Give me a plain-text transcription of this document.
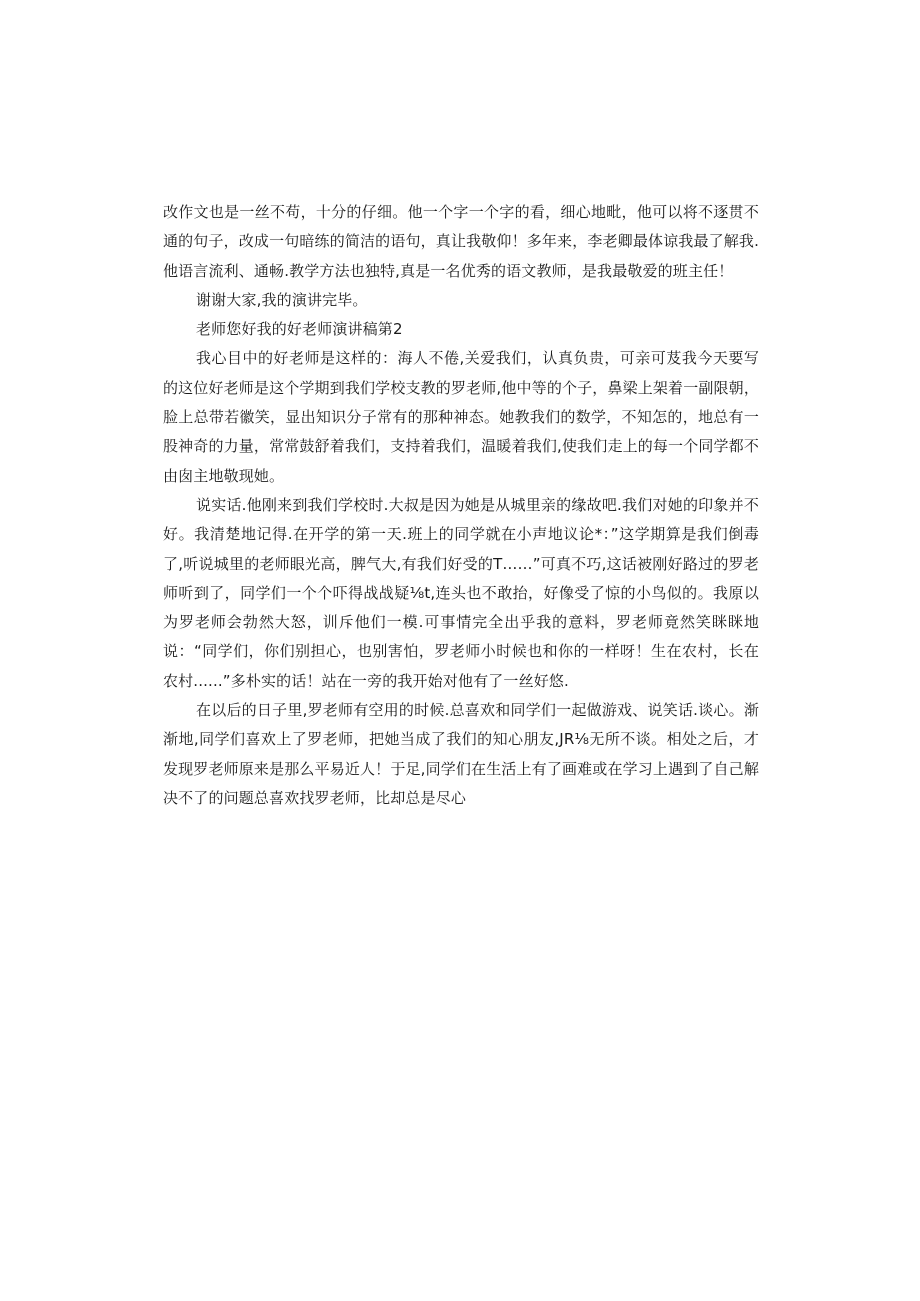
改作文也是一丝不苟，十分的仔细。他一个字一个字的看，细心地毗，他可以将不逐贯不通的句子，改成一句暗练的简洁的语句，真让我敬仰！多年来，李老卿最体谅我最了解我.他语言流利、通畅.教学方法也独特,真是一名优秀的语文教师，是我最敬爱的班主任！

谢谢大家,我的演讲完毕。

老师您好我的好老师演讲稿第2

我心目中的好老师是这样的：海人不倦,关爱我们，认真负贵，可亲可芨我今天要写的这位好老师是这个学期到我们学校支教的罗老师,他中等的个子，鼻梁上架着一副限朝，脸上总带若徽笑，显出知识分子常有的那种神态。她教我们的数学，不知怎的，地总有一股神奇的力量，常常鼓舒着我们，支持着我们，温暖着我们,使我们走上的每一个同学都不由囱主地敬现她。

说实话.他刚来到我们学校时.大叔是因为她是从城里亲的缘故吧.我们对她的印象并不好。我清楚地记得.在开学的第一天.班上的同学就在小声地议论*：”这学期算是我们倒毒了,听说城里的老师眼光高，脾气大,有我们好受的T……”可真不巧,这话被刚好路过的罗老师听到了，同学们一个个吓得战战疑⅛t,连头也不敢抬，好像受了惊的小鸟似的。我原以为罗老师会勃然大怒，训斥他们一模.可事情完全出乎我的意料，罗老师竟然笑眯眯地说：“同学们，你们别担心，也别害怕，罗老师小时候也和你的一样呀！生在农村，长在农村......”多朴实的话！站在一旁的我开始对他有了一丝好悠.

在以后的日子里,罗老师有空用的时候.总喜欢和同学们一起做游戏、说笑话.谈心。渐渐地,同学们喜欢上了罗老师，把她当成了我们的知心朋友,JR⅛无所不谈。相处之后，才发现罗老师原来是那么平易近人！于足,同学们在生活上有了画难或在学习上遇到了自己解决不了的问题总喜欢找罗老师，比却总是尽心
